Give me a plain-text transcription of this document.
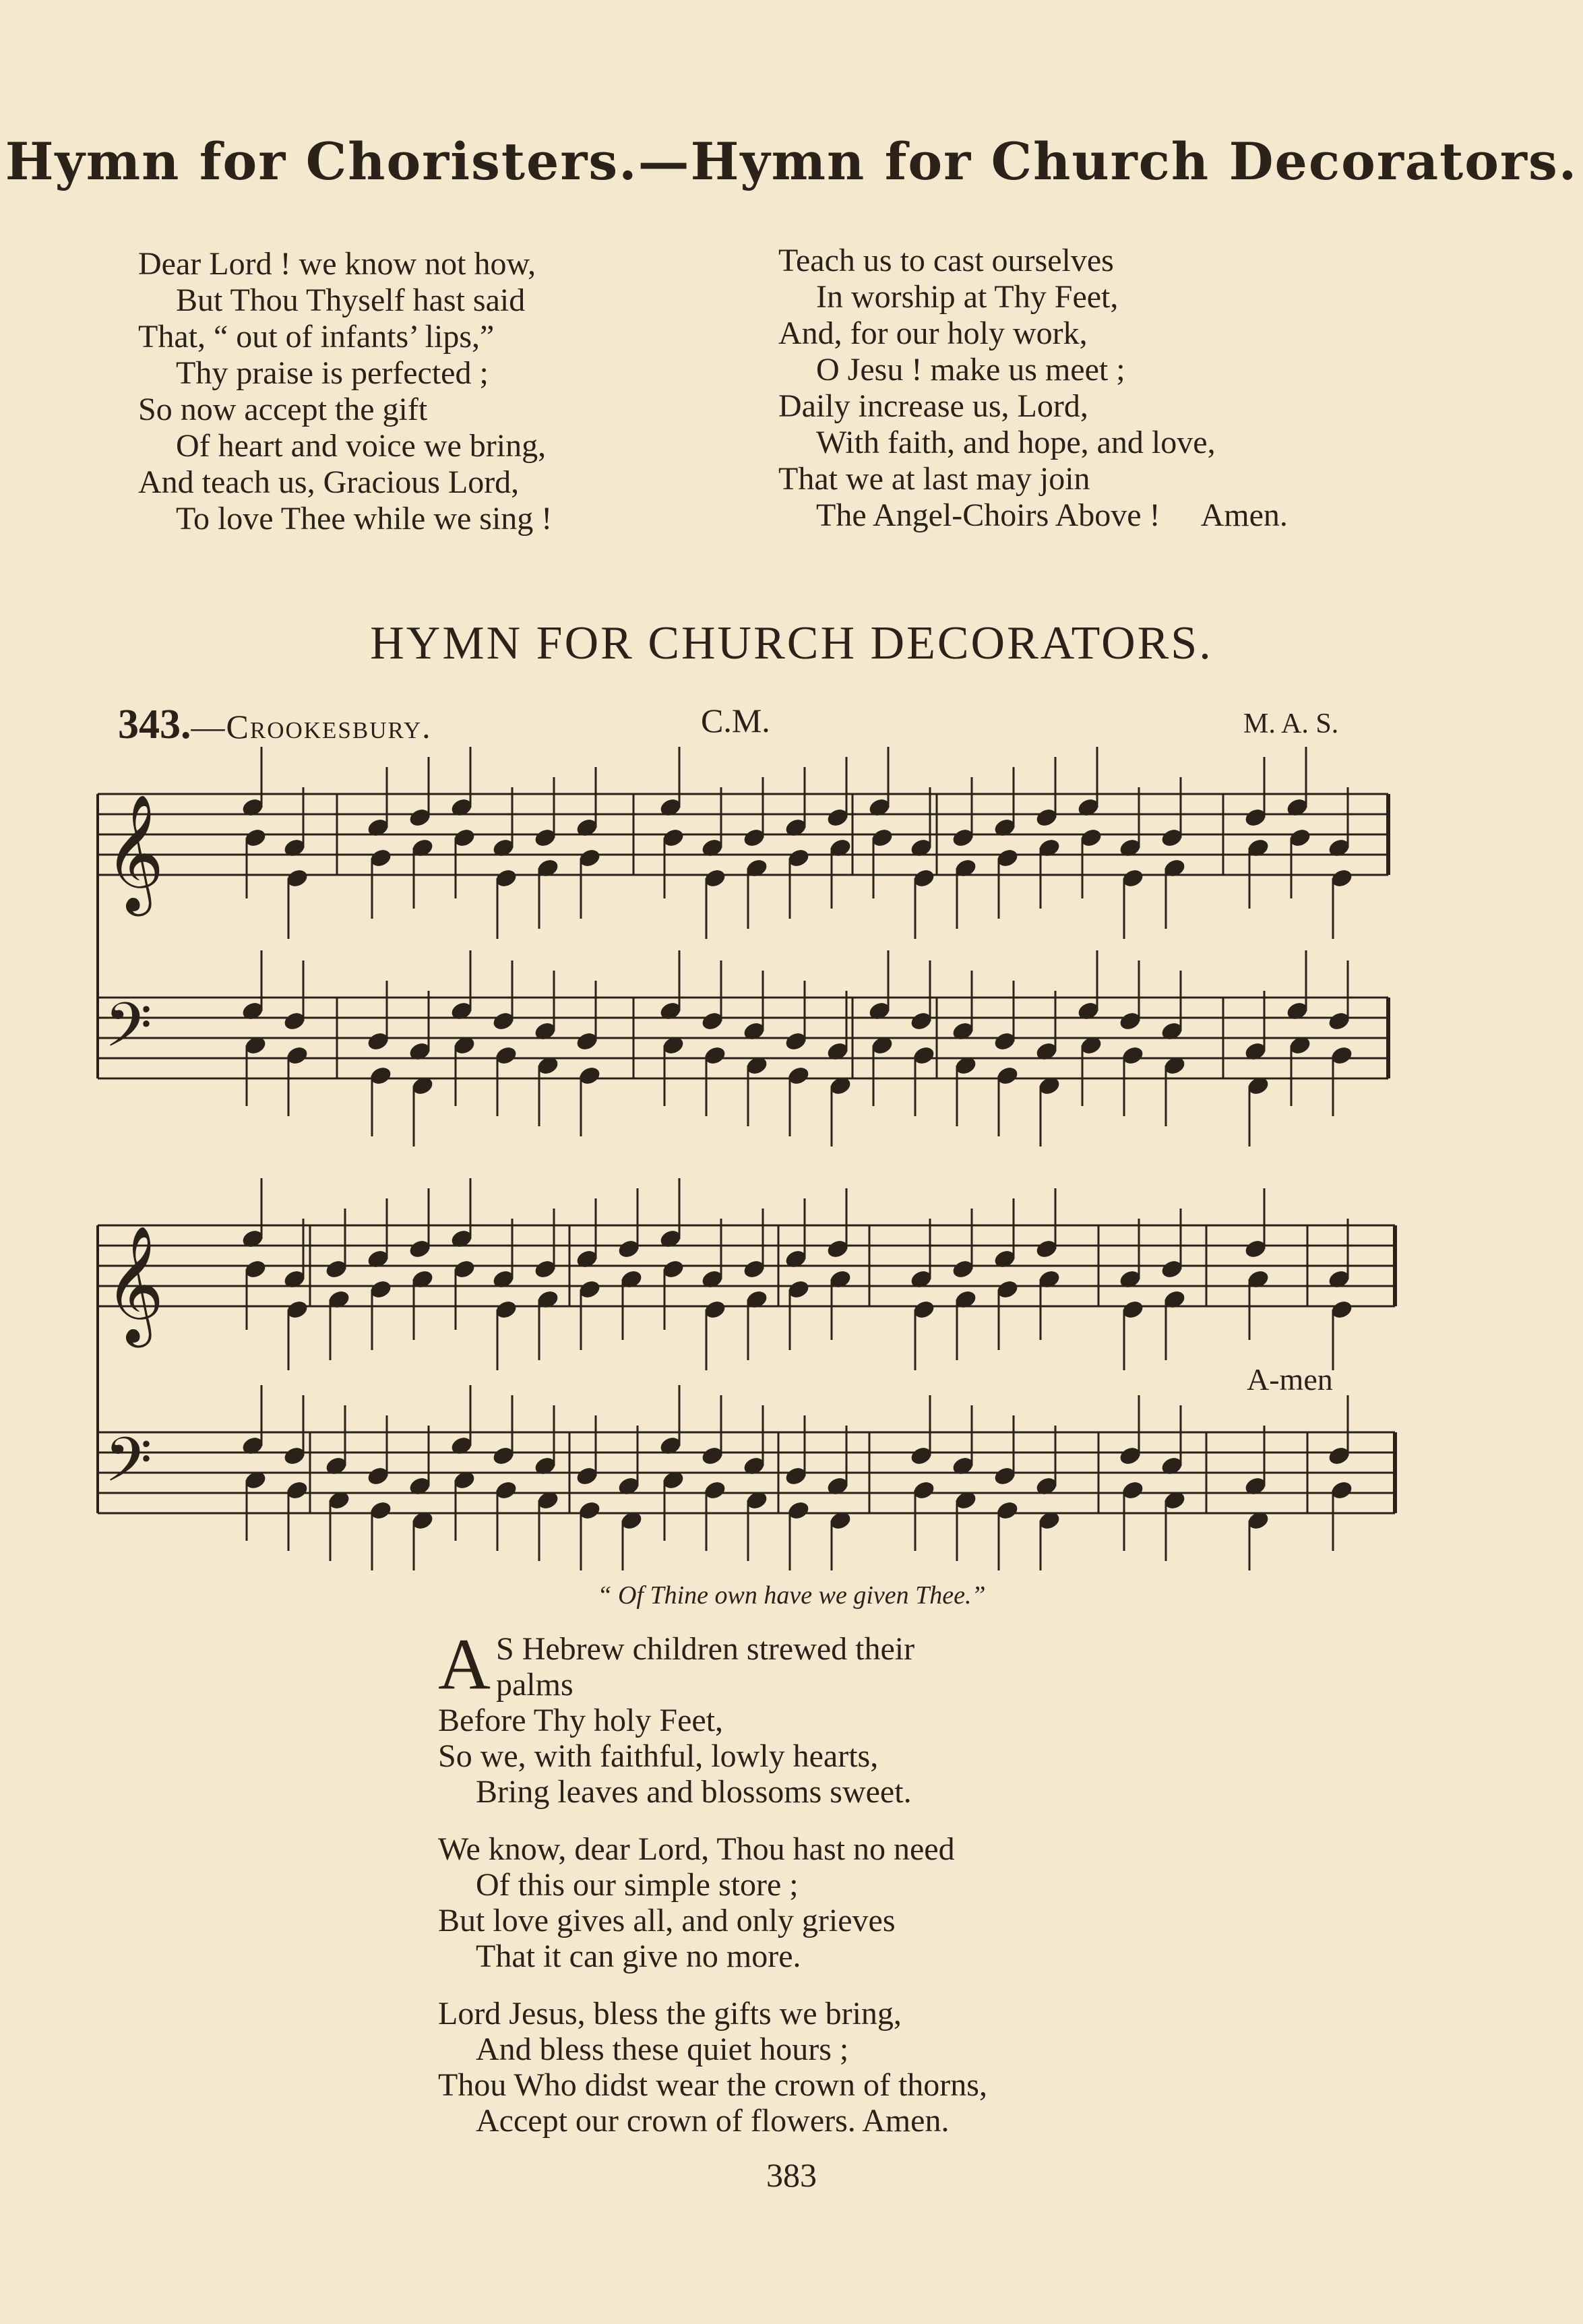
Hymn for Choristers.—Hymn for Church Decorators.
Dear Lord ! we know not how,
But Thou Thyself hast said
That, “ out of infants’ lips,”
Thy praise is perfected ;
So now accept the gift
Of heart and voice we bring,
And teach us, Gracious Lord,
To love Thee while we sing !
Teach us to cast ourselves
In worship at Thy Feet,
And, for our holy work,
O Jesu ! make us meet ;
Daily increase us, Lord,
With faith, and hope, and love,
That we at last may join
The Angel-Choirs Above ! Amen.
HYMN FOR CHURCH DECORATORS.
343.—Crookesbury.	C.M.	M. A. S.
𝄞
𝄢
𝄞
𝄢
A-men
“ Of Thine own have we given Thee.”
A S Hebrew children strewed their palms
Before Thy holy Feet,
So we, with faithful, lowly hearts,
Bring leaves and blossoms sweet.
We know, dear Lord, Thou hast no need
Of this our simple store ;
But love gives all, and only grieves
That it can give no more.
Lord Jesus, bless the gifts we bring,
And bless these quiet hours ;
Thou Who didst wear the crown of thorns,
Accept our crown of flowers. Amen.
383
